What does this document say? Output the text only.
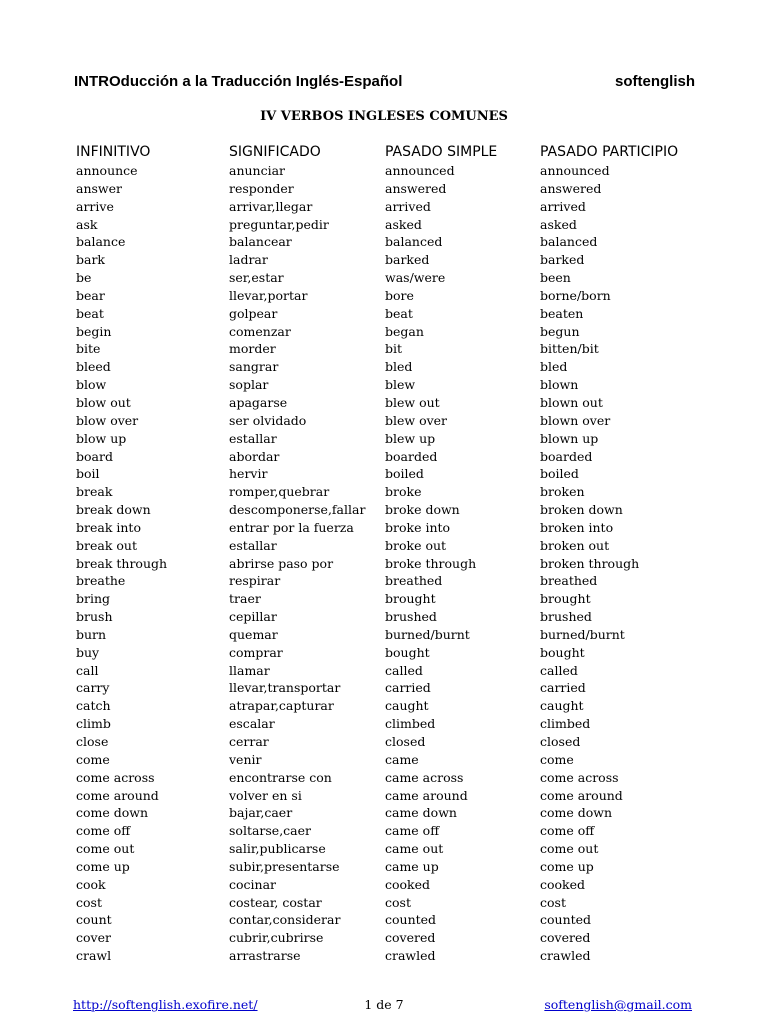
INTROducción a la Traducción Inglés-Español	softenglish
IV VERBOS INGLESES COMUNES
INFINITIVO	SIGNIFICADO	PASADO SIMPLE	PASADO PARTICIPIO
announce	anunciar	announced	announced
answer	responder	answered	answered
arrive	arrivar,llegar	arrived	arrived
ask	preguntar,pedir	asked	asked
balance	balancear	balanced	balanced
bark	ladrar	barked	barked
be	ser,estar	was/were	been
bear	llevar,portar	bore	borne/born
beat	golpear	beat	beaten
begin	comenzar	began	begun
bite	morder	bit	bitten/bit
bleed	sangrar	bled	bled
blow	soplar	blew	blown
blow out	apagarse	blew out	blown out
blow over	ser olvidado	blew over	blown over
blow up	estallar	blew up	blown up
board	abordar	boarded	boarded
boil	hervir	boiled	boiled
break	romper,quebrar	broke	broken
break down	descomponerse,fallar	broke down	broken down
break into	entrar por la fuerza	broke into	broken into
break out	estallar	broke out	broken out
break through	abrirse paso por	broke through	broken through
breathe	respirar	breathed	breathed
bring	traer	brought	brought
brush	cepillar	brushed	brushed
burn	quemar	burned/burnt	burned/burnt
buy	comprar	bought	bought
call	llamar	called	called
carry	llevar,transportar	carried	carried
catch	atrapar,capturar	caught	caught
climb	escalar	climbed	climbed
close	cerrar	closed	closed
come	venir	came	come
come across	encontrarse con	came across	come across
come around	volver en si	came around	come around
come down	bajar,caer	came down	come down
come off	soltarse,caer	came off	come off
come out	salir,publicarse	came out	come out
come up	subir,presentarse	came up	come up
cook	cocinar	cooked	cooked
cost	costear, costar	cost	cost
count	contar,considerar	counted	counted
cover	cubrir,cubrirse	covered	covered
crawl	arrastrarse	crawled	crawled
http://softenglish.exofire.net/	1 de 7	softenglish@gmail.com
